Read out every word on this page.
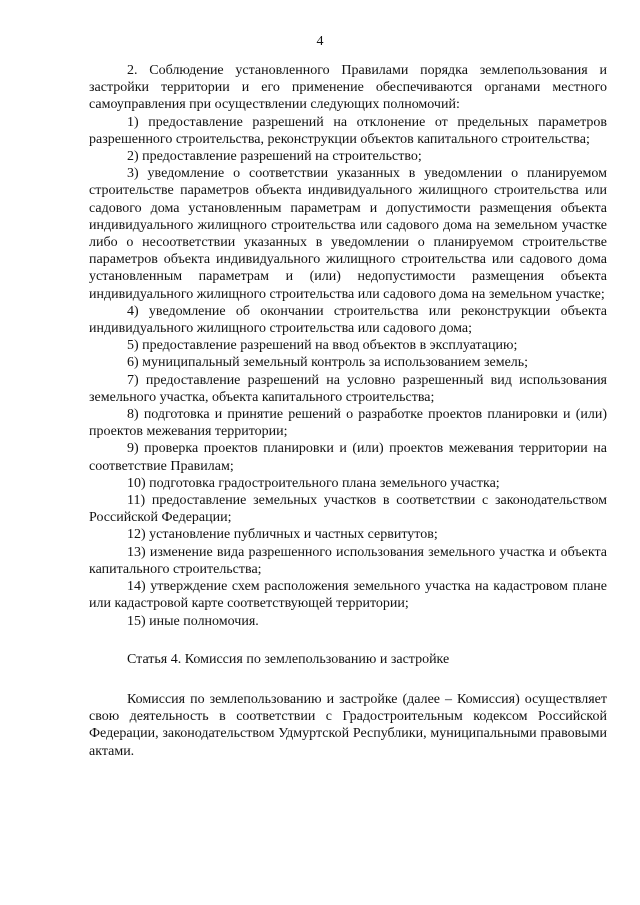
4

2. Соблюдение установленного Правилами порядка землепользования и застройки территории и его применение обеспечиваются органами местного самоуправления при осуществлении следующих полномочий:

1) предоставление разрешений на отклонение от предельных параметров разрешенного строительства, реконструкции объектов капитального строительства;

2) предоставление разрешений на строительство;

3) уведомление о соответствии указанных в уведомлении о планируемом строительстве параметров объекта индивидуального жилищного строительства или садового дома установленным параметрам и допустимости размещения объекта индивидуального жилищного строительства или садового дома на земельном участке либо о несоответствии указанных в уведомлении о планируемом строительстве параметров объекта индивидуального жилищного строительства или садового дома установленным параметрам и (или) недопустимости размещения объекта индивидуального жилищного строительства или садового дома на земельном участке;

4) уведомление об окончании строительства или реконструкции объекта индивидуального жилищного строительства или садового дома;

5) предоставление разрешений на ввод объектов в эксплуатацию;

6) муниципальный земельный контроль за использованием земель;

7) предоставление разрешений на условно разрешенный вид использования земельного участка, объекта капитального строительства;

8) подготовка и принятие решений о разработке проектов планировки и (или) проектов межевания территории;

9) проверка проектов планировки и (или) проектов межевания территории на соответствие Правилам;

10) подготовка градостроительного плана земельного участка;

11) предоставление земельных участков в соответствии с законодательством Российской Федерации;

12) установление публичных и частных сервитутов;

13) изменение вида разрешенного использования земельного участка и объекта капитального строительства;

14) утверждение схем расположения земельного участка на кадастровом плане или кадастровой карте соответствующей территории;

15) иные полномочия.

Статья 4. Комиссия по землепользованию и застройке

Комиссия по землепользованию и застройке (далее – Комиссия) осуществляет свою деятельность в соответствии с Градостроительным кодексом Российской Федерации, законодательством Удмуртской Республики, муниципальными правовыми актами.
